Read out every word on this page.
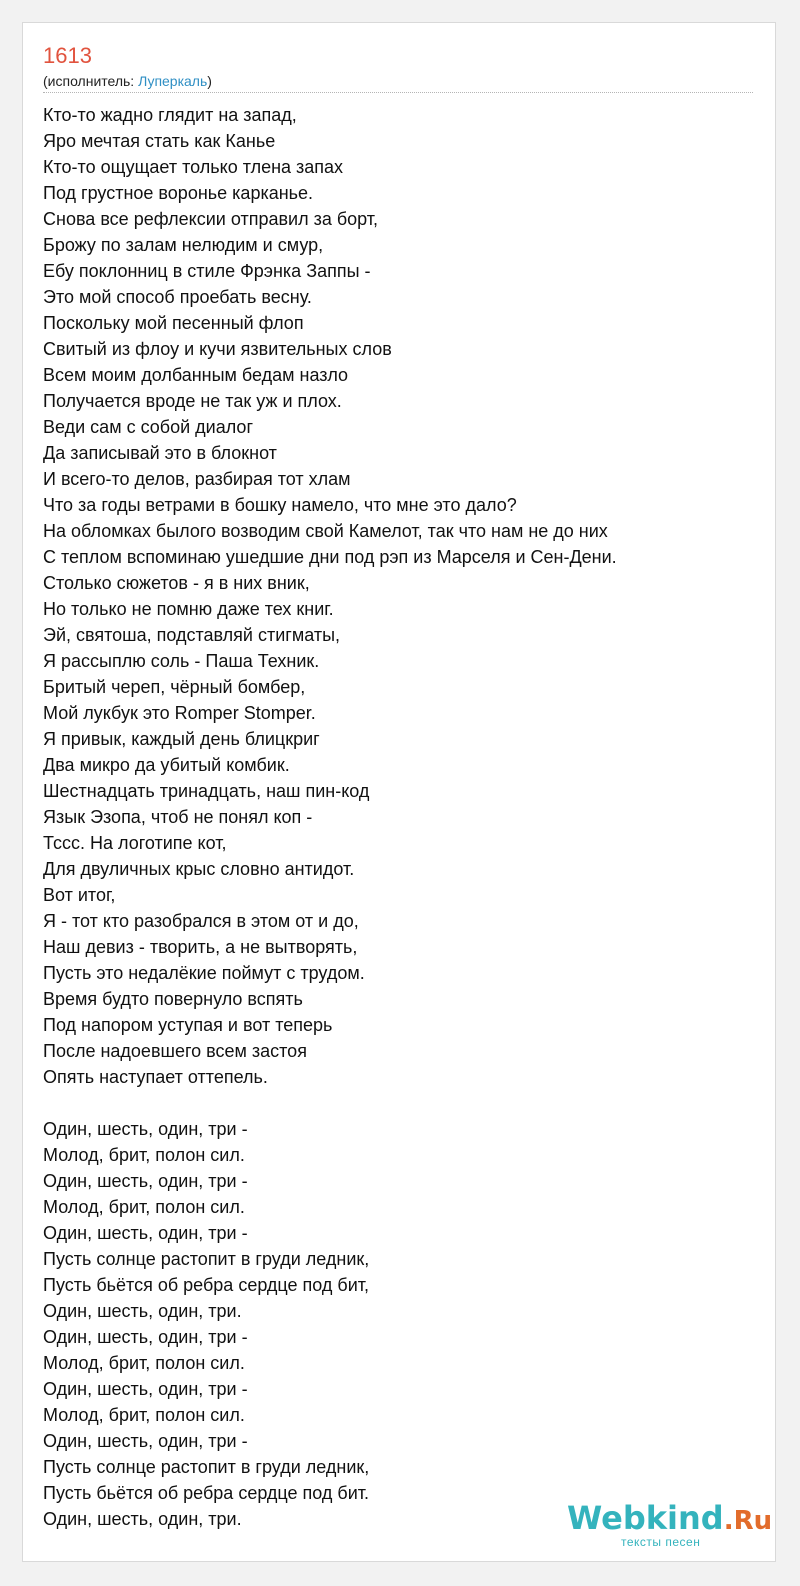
1613
(исполнитель: Луперкаль)
Кто-то жадно глядит на запад,
Яро мечтая стать как Канье
Кто-то ощущает только тлена запах
Под грустное воронье карканье.
Снова все рефлексии отправил за борт,
Брожу по залам нелюдим и смур,
Ебу поклонниц в стиле Фрэнка Заппы -
Это мой способ проебать весну.
Поскольку мой песенный флоп
Свитый из флоу и кучи язвительных слов
Всем моим долбанным бедам назло
Получается вроде не так уж и плох.
Веди сам с собой диалог
Да записывай это в блокнот
И всего-то делов, разбирая тот хлам
Что за годы ветрами в бошку намело, что мне это дало?
На обломках былого возводим свой Камелот, так что нам не до них
С теплом вспоминаю ушедшие дни под рэп из Марселя и Сен-Дени.
Столько сюжетов - я в них вник,
Но только не помню даже тех книг.
Эй, святоша, подставляй стигматы,
Я рассыплю соль - Паша Техник.
Бритый череп, чёрный бомбер,
Мой лукбук это Romper Stomper.
Я привык, каждый день блицкриг
Два микро да убитый комбик.
Шестнадцать тринадцать, наш пин-код
Язык Эзопа, чтоб не понял коп -
Тссс. На логотипе кот,
Для двуличных крыс словно антидот.
Вот итог,
Я - тот кто разобрался в этом от и до,
Наш девиз - творить, а не вытворять,
Пусть это недалёкие поймут с трудом.
Время будто повернуло вспять
Под напором уступая и вот теперь
После надоевшего всем застоя
Опять наступает оттепель.
Один, шесть, один, три -
Молод, брит, полон сил.
Один, шесть, один, три -
Молод, брит, полон сил.
Один, шесть, один, три -
Пусть солнце растопит в груди ледник,
Пусть бьётся об ребра сердце под бит,
Один, шесть, один, три.
Один, шесть, один, три -
Молод, брит, полон сил.
Один, шесть, один, три -
Молод, брит, полон сил.
Один, шесть, один, три -
Пусть солнце растопит в груди ледник,
Пусть бьётся об ребра сердце под бит.
Один, шесть, один, три.	Webkind.Ru
тексты песен
